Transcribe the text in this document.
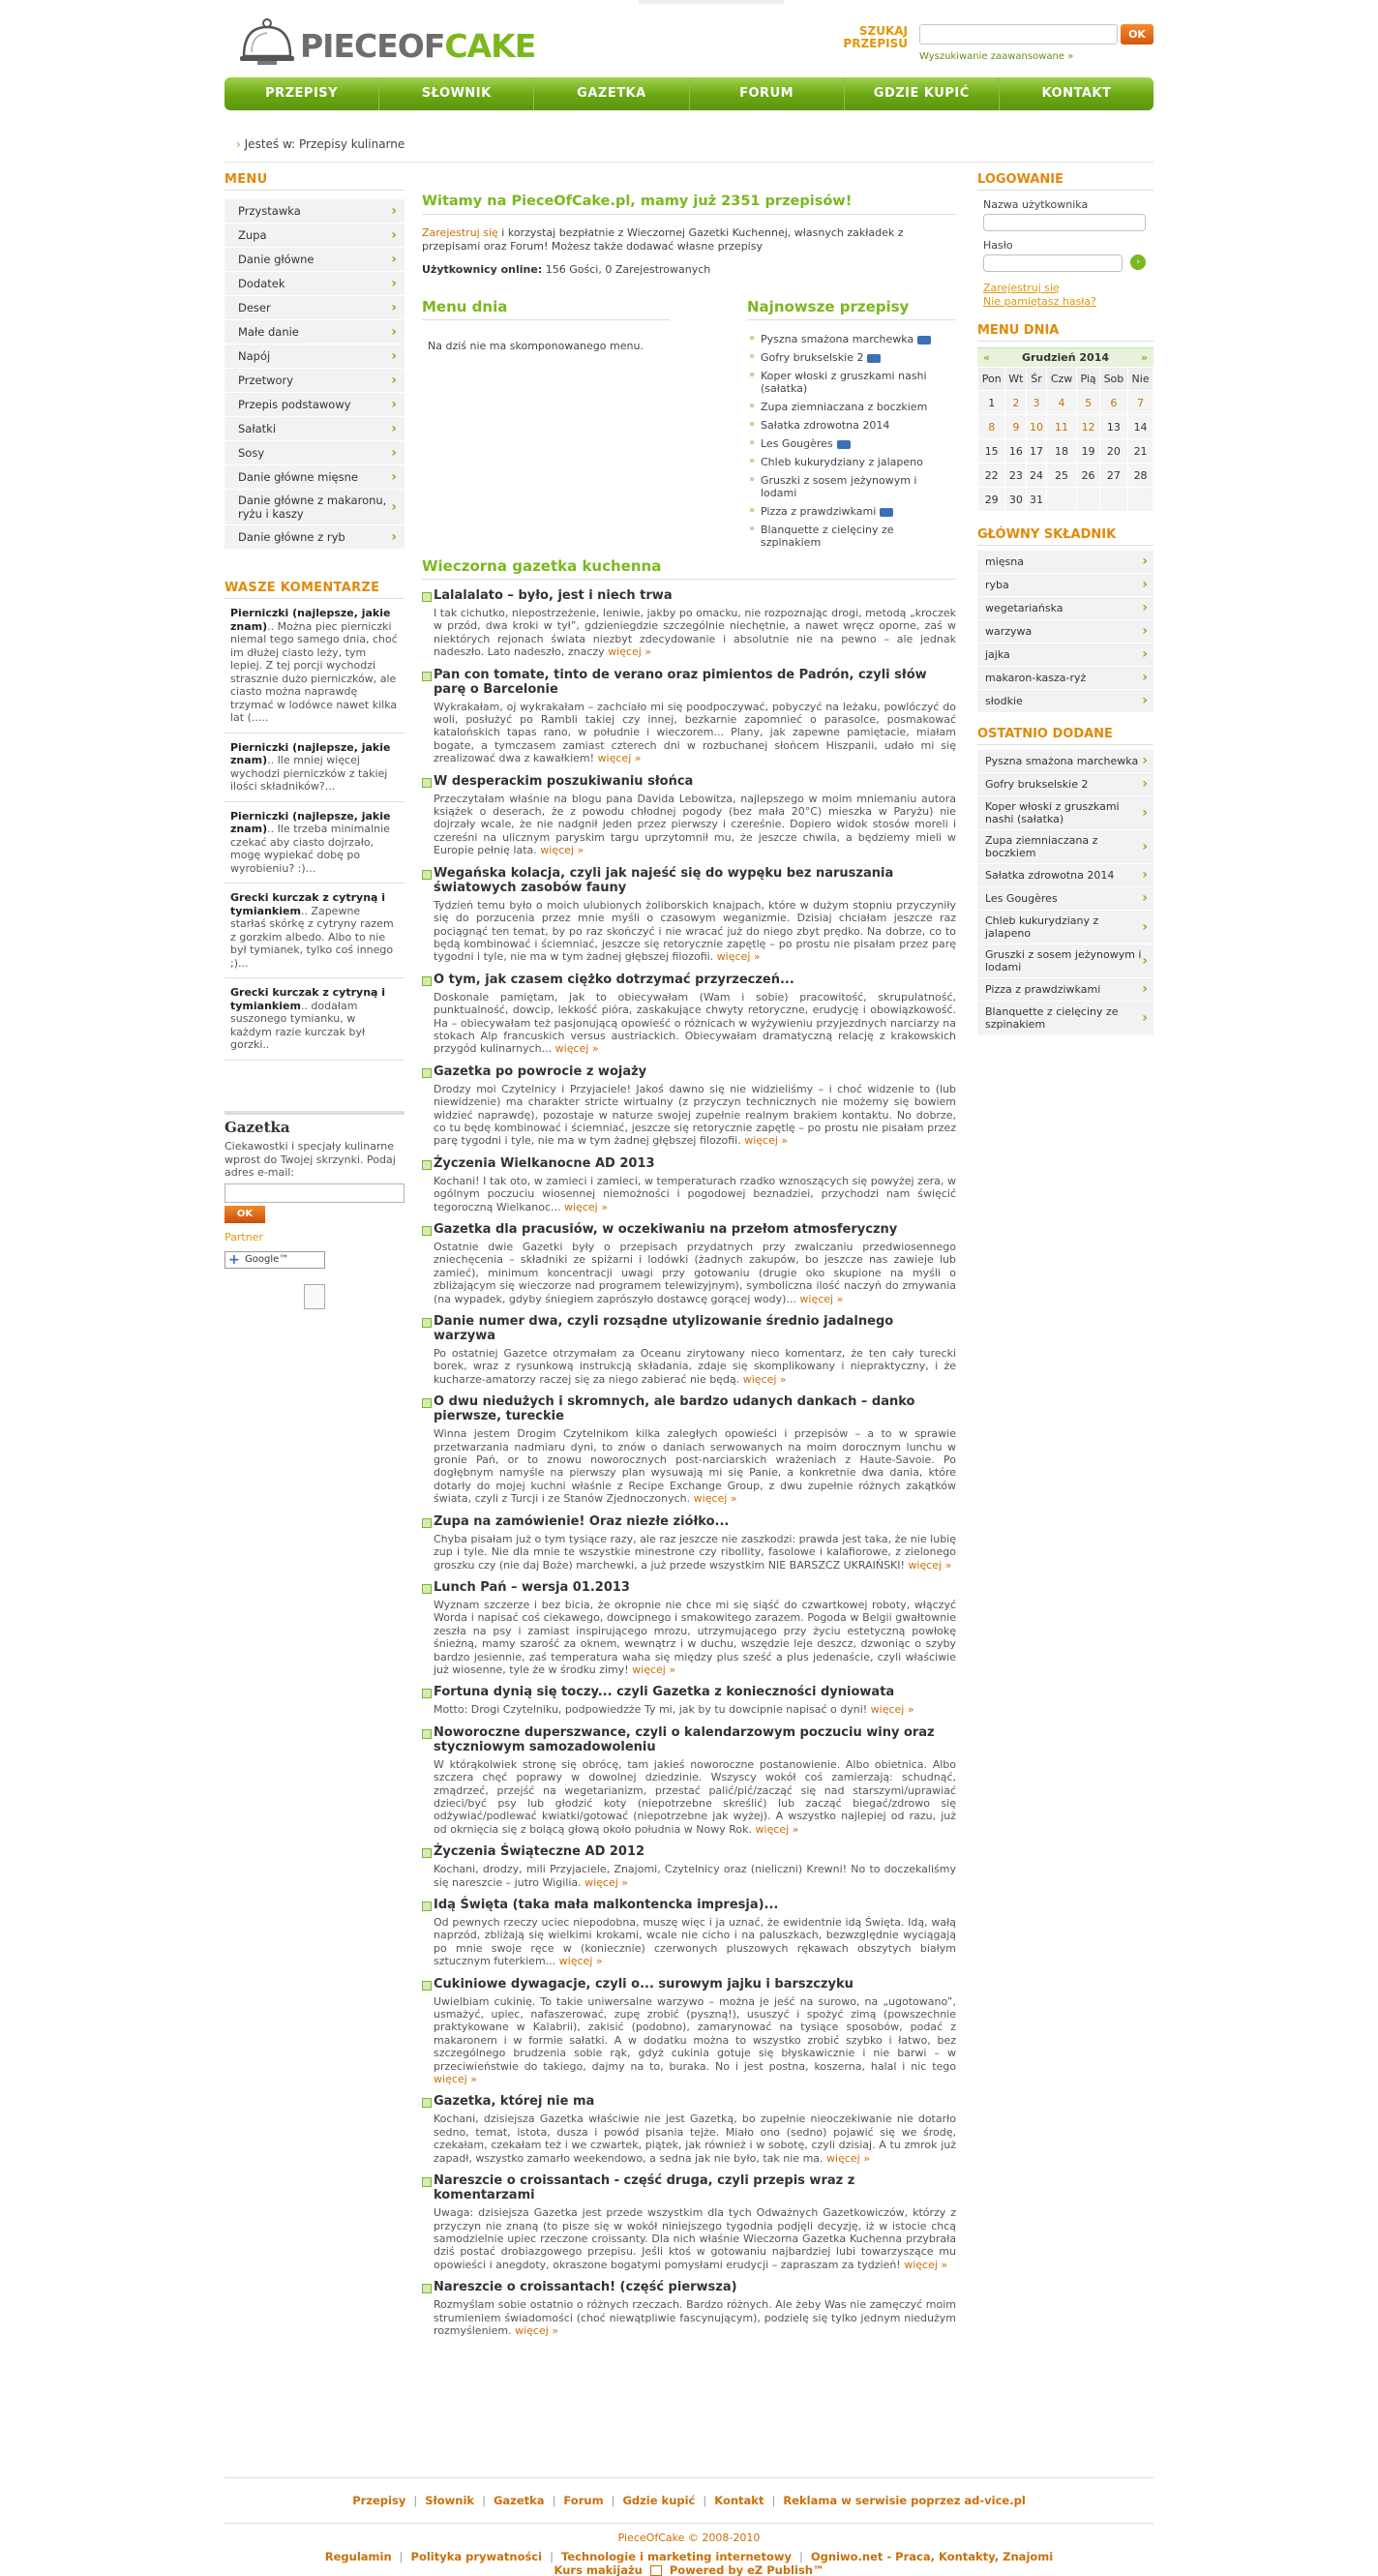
PIECEOFCAKE	SZUKAJ
PRZEPISU
OK
Wyszukiwanie zaawansowane »
PRZEPISY	SŁOWNIK	GAZETKA	FORUM	GDZIE KUPIĆ	KONTAKT
› Jesteś w: Przepisy kulinarne
MENU
Przystawka	›
Zupa	›
Danie główne	›
Dodatek	›
Deser	›
Małe danie	›
Napój	›
Przetwory	›
Przepis podstawowy	›
Sałatki	›
Sosy	›
Danie główne mięsne ›
Danie główne z makaronu, ryżu i kaszy	›
Danie główne z ryb	›
WASZE KOMENTARZE
Pierniczki (najlepsze, jakie znam).. Można piec pierniczki niemal tego samego dnia, choć im dłużej ciasto leży, tym lepiej. Z tej porcji wychodzi strasznie dużo pierniczków, ale ciasto można naprawdę trzymać w lodówce nawet kilka lat (.....
Pierniczki (najlepsze, jakie znam).. Ile mniej więcej wychodzi pierniczków z takiej ilości składników?...
Pierniczki (najlepsze, jakie znam).. Ile trzeba minimalnie czekać aby ciasto dojrzało, mogę wypiekać dobę po wyrobieniu? :)...
Grecki kurczak z cytryną i tymiankiem.. Zapewne starłaś skórkę z cytryny razem z gorzkim albedo. Albo to nie był tymianek, tylko coś innego ;)...
Grecki kurczak z cytryną i tymiankiem.. dodałam suszonego tymianku, w każdym razie kurczak był gorzki..
Gazetka
Ciekawostki i specjały kulinarne wprost do Twojej skrzynki. Podaj adres e-mail:
OK
Partner
+ Google™
Witamy na PieceOfCake.pl, mamy już 2351 przepisów!
Zarejestruj się i korzystaj bezpłatnie z Wieczornej Gazetki Kuchennej, własnych zakładek z przepisami oraz Forum! Możesz także dodawać własne przepisy
Użytkownicy online: 156 Gości, 0 Zarejestrowanych
Menu dnia
Na dziś nie ma skomponowanego menu.
Najnowsze przepisy
» Pyszna smażona marchewka
» Gofry brukselskie 2
» Koper włoski z gruszkami nashi (sałatka)
» Zupa ziemniaczana z boczkiem
» Sałatka zdrowotna 2014
» Les Gougères
» Chleb kukurydziany z jalapeno
» Gruszki z sosem jeżynowym i lodami
» Pizza z prawdziwkami
» Blanquette z cielęciny ze szpinakiem
Wieczorna gazetka kuchenna
Lalalalato – było, jest i niech trwa

I tak cichutko, niepostrzeżenie, leniwie, jakby po omacku, nie rozpoznając drogi, metodą „kroczek w przód, dwa kroki w tył”, gdzieniegdzie szczególnie niechętnie, a nawet wręcz oporne, zaś w niektórych rejonach świata niezbyt zdecydowanie i absolutnie nie na pewno – ale jednak nadeszło. Lato nadeszło, znaczy więcej »

Pan con tomate, tinto de verano oraz pimientos de Padrón, czyli słów parę o Barcelonie

Wykrakałam, oj wykrakałam – zachciało mi się poodpoczywać, pobyczyć na leżaku, powlóczyć do woli, posłużyć po Rambli takiej czy innej, bezkarnie zapomnieć o parasolce, posmakować katalońskich tapas rano, w południe i wieczorem... Plany, jak zapewne pamiętacie, miałam bogate, a tymczasem zamiast czterech dni w rozbuchanej słońcem Hiszpanii, udało mi się zrealizować dwa z kawałkiem! więcej »

W desperackim poszukiwaniu słońca

Przeczytałam właśnie na blogu pana Davida Lebowitza, najlepszego w moim mniemaniu autora książek o deserach, że z powodu chłodnej pogody (bez mała 20°C) mieszka w Paryżu) nie dojrzały wcale, że nie nadgnił jeden przez pierwszy i czereśnie. Dopiero widok stosów moreli i czereśni na ulicznym paryskim targu uprzytomnił mu, że jeszcze chwila, a będziemy mieli w Europie pełnię lata. więcej »

Wegańska kolacja, czyli jak najeść się do wypęku bez naruszania światowych zasobów fauny

Tydzień temu było o moich ulubionych żoliborskich knajpach, które w dużym stopniu przyczyniły się do porzucenia przez mnie myśli o czasowym weganizmie. Dzisiaj chciałam jeszcze raz pociągnąć ten temat, by po raz skończyć i nie wracać już do niego zbyt prędko. Na dobrze, co to będą kombinować i ściemniać, jeszcze się retorycznie zapętlę – po prostu nie pisałam przez parę tygodni i tyle, nie ma w tym żadnej głębszej filozofii. więcej »

O tym, jak czasem ciężko dotrzymać przyrzeczeń...

Doskonale pamiętam, jak to obiecywałam (Wam i sobie) pracowitość, skrupulatność, punktualność, dowcip, lekkość pióra, zaskakujące chwyty retoryczne, erudycję i obowiązkowość. Ha – obiecywałam też pasjonującą opowieść o różnicach w wyżywieniu przyjezdnych narciarzy na stokach Alp francuskich versus austriackich. Obiecywałam dramatyczną relację z krakowskich przygód kulinarnych... więcej »

Gazetka po powrocie z wojaży

Drodzy moi Czytelnicy i Przyjaciele! Jakoś dawno się nie widzieliśmy – i choć widzenie to (lub niewidzenie) ma charakter stricte wirtualny (z przyczyn technicznych nie możemy się bowiem widzieć naprawdę), pozostaje w naturze swojej zupełnie realnym brakiem kontaktu. No dobrze, co tu będę kombinować i ściemniać, jeszcze się retorycznie zapętlę – po prostu nie pisałam przez parę tygodni i tyle, nie ma w tym żadnej głębszej filozofii. więcej »

Życzenia Wielkanocne AD 2013

Kochani! I tak oto, w zamieci i zamieci, w temperaturach rzadko wznoszących się powyżej zera, w ogólnym poczuciu wiosennej niemożności i pogodowej beznadziei, przychodzi nam święcić tegoroczną Wielkanoc... więcej »

Gazetka dla pracusiów, w oczekiwaniu na przełom atmosferyczny

Ostatnie dwie Gazetki były o przepisach przydatnych przy zwalczaniu przedwiosennego zniechęcenia – składniki ze spiżarni i lodówki (żadnych zakupów, bo jeszcze nas zawieje lub zamieć), minimum koncentracji uwagi przy gotowaniu (drugie oko skupione na myśli o zbliżającym się wieczorze nad programem telewizyjnym), symboliczna ilość naczyń do zmywania (na wypadek, gdyby śniegiem zaprószyło dostawcę gorącej wody)... więcej »

Danie numer dwa, czyli rozsądne utylizowanie średnio jadalnego warzywa

Po ostatniej Gazetce otrzymałam za Oceanu zirytowany nieco komentarz, że ten cały turecki borek, wraz z rysunkową instrukcją składania, zdaje się skomplikowany i niepraktyczny, i że kucharze-amatorzy raczej się za niego zabierać nie będą. więcej »

O dwu niedużych i skromnych, ale bardzo udanych dankach – danko pierwsze, tureckie

Winna jestem Drogim Czytelnikom kilka zaległych opowieści i przepisów – a to w sprawie przetwarzania nadmiaru dyni, to znów o daniach serwowanych na moim dorocznym lunchu w gronie Pań, or to znowu noworocznych post-narciarskich wrażeniach z Haute-Savoie. Po dogłębnym namyśle na pierwszy plan wysuwają mi się Panie, a konkretnie dwa dania, które dotarły do mojej kuchni właśnie z Recipe Exchange Group, z dwu zupełnie różnych zakątków świata, czyli z Turcji i ze Stanów Zjednoczonych. więcej »

Zupa na zamówienie! Oraz niezłe ziółko...

Chyba pisałam już o tym tysiące razy, ale raz jeszcze nie zaszkodzi: prawda jest taka, że nie lubię zup i tyle. Nie dla mnie te wszystkie minestrone czy ribollity, fasolowe i kalafiorowe, z zielonego groszku czy (nie daj Boże) marchewki, a już przede wszystkim NIE BARSZCZ UKRAIŃSKI! więcej »

Lunch Pań – wersja 01.2013

Wyznam szczerze i bez bicia, że okropnie nie chce mi się siąść do czwartkowej roboty, włączyć Worda i napisać coś ciekawego, dowcipnego i smakowitego zarazem. Pogoda w Belgii gwałtownie zeszła na psy i zamiast inspirującego mrozu, utrzymującego przy życiu estetyczną powłokę śnieżną, mamy szarość za oknem, wewnątrz i w duchu, wszędzie leje deszcz, dzwoniąc o szyby bardzo jesiennie, zaś temperatura waha się między plus sześć a plus jedenaście, czyli właściwie już wiosenne, tyle że w środku zimy! więcej »

Fortuna dynią się toczy... czyli Gazetka z konieczności dyniowata

Motto: Drogi Czytelniku, podpowiedzże Ty mi, jak by tu dowcipnie napisać o dyni! więcej »

Noworoczne duperszwance, czyli o kalendarzowym poczuciu winy oraz styczniowym samozadowoleniu

W którąkolwiek stronę się obrócę, tam jakieś noworoczne postanowienie. Albo obietnica. Albo szczera chęć poprawy w dowolnej dziedzinie. Wszyscy wokół coś zamierzają: schudnąć, zmądrzeć, przejść na wegetarianizm, przestać palić/pić/zacząć się nad starszymi/uprawiać dzieci/być psy lub głodzić koty (niepotrzebne skreślić) lub zacząć biegać/zdrowo się odżywiać/podlewać kwiatki/gotować (niepotrzebne jak wyżej). A wszystko najlepiej od razu, już od okrnięcia się z bolącą głową około południa w Nowy Rok. więcej »

Życzenia Świąteczne AD 2012

Kochani, drodzy, mili Przyjaciele, Znajomi, Czytelnicy oraz (nieliczni) Krewni! No to doczekaliśmy się nareszcie – jutro Wigilia. więcej »

Idą Święta (taka mała malkontencka impresja)...

Od pewnych rzeczy uciec niepodobna, muszę więc i ja uznać, że ewidentnie idą Święta. Idą, wałą naprzód, zbliżają się wielkimi krokami, wcale nie cicho i na paluszkach, bezwzględnie wyciągają po mnie swoje ręce w (koniecznie) czerwonych pluszowych rękawach obszytych białym sztucznym futerkiem... więcej »

Cukiniowe dywagacje, czyli o... surowym jajku i barszczyku

Uwielbiam cukinię. To takie uniwersalne warzywo – można je jeść na surowo, na „ugotowano”, usmażyć, upiec, nafaszerować, zupę zrobić (pyszną!), ususzyć i spożyć zimą (powszechnie praktykowane w Kalabrii), zakisić (podobno), zamarynować na tysiące sposobów, podać z makaronem i w formie sałatki. A w dodatku można to wszystko zrobić szybko i łatwo, bez szczególnego brudzenia sobie rąk, gdyż cukinia gotuje się błyskawicznie i nie barwi – w przeciwieństwie do takiego, dajmy na to, buraka. No i jest postna, koszerna, halal i nic tego więcej »

Gazetka, której nie ma

Kochani, dzisiejsza Gazetka właściwie nie jest Gazetką, bo zupełnie nieoczekiwanie nie dotarło sedno, temat, istota, dusza i powód pisania tejże. Miało ono (sedno) pojawić się we środę, czekałam, czekałam też i we czwartek, piątek, jak również i w sobotę, czyli dzisiaj. A tu zmrok już zapadł, wszystko zamarło weekendowo, a sedna jak nie było, tak nie ma. więcej »

Nareszcie o croissantach - część druga, czyli przepis wraz z komentarzami

Uwaga: dzisiejsza Gazetka jest przede wszystkim dla tych Odważnych Gazetkowiczów, którzy z przyczyn nie znaną (to pisze się w wokół niniejszego tygodnia podjęli decyzję, iż w istocie chcą samodzielnie upiec rzeczone croissanty. Dla nich właśnie Wieczorna Gazetka Kuchenna przybrała dziś postać drobiazgowego przepisu. Jeśli ktoś w gotowaniu najbardziej lubi towarzyszące mu opowieści i anegdoty, okraszone bogatymi pomysłami erudycji – zapraszam za tydzień! więcej »

Nareszcie o croissantach! (część pierwsza)

Rozmyślam sobie ostatnio o różnych rzeczach. Bardzo różnych. Ale żeby Was nie zamęczyć moim strumieniem świadomości (choć niewątpliwie fascynującym), podzielę się tylko jednym niedużym rozmyśleniem. więcej »

LOGOWANIE
Nazwa użytkownika
Hasło
›
Zarejestruj się
Nie pamiętasz hasła?
MENU DNIA
«	Grudzień 2014	»
Pon	Wt	Śr	Czw	Pią	Sob	Nie
1	2	3	4	5	6	7
8	9	10	11	12	13	14
15	16	17	18	19	20	21
22	23	24	25	26	27	28
29	30	31				
GŁÓWNY SKŁADNIK
mięsna	›
ryba	›
wegetariańska	›
warzywa	›
jajka	›
makaron-kasza-ryż	›
słodkie	›
OSTATNIO DODANE
Pyszna smażona marchewka ›
Gofry brukselskie 2	›
Koper włoski z gruszkami nashi (sałatka)	›
Zupa ziemniaczana z boczkiem	›
Sałatka zdrowotna 2014 ›
Les Gougères	›
Chleb kukurydziany z jalapeno	›
Gruszki z sosem jeżynowym i lodami	›
Pizza z prawdziwkami	›
Blanquette z cielęciny ze szpinakiem	›
Przepisy | Słownik | Gazetka | Forum | Gdzie kupić | Kontakt | Reklama w serwisie poprzez ad-vice.pl
PieceOfCake © 2008-2010
Regulamin | Polityka prywatności | Technologie i marketing internetowy | Ogniwo.net - Praca, Kontakty, Znajomi
Kurs makijażu Powered by eZ Publish™
